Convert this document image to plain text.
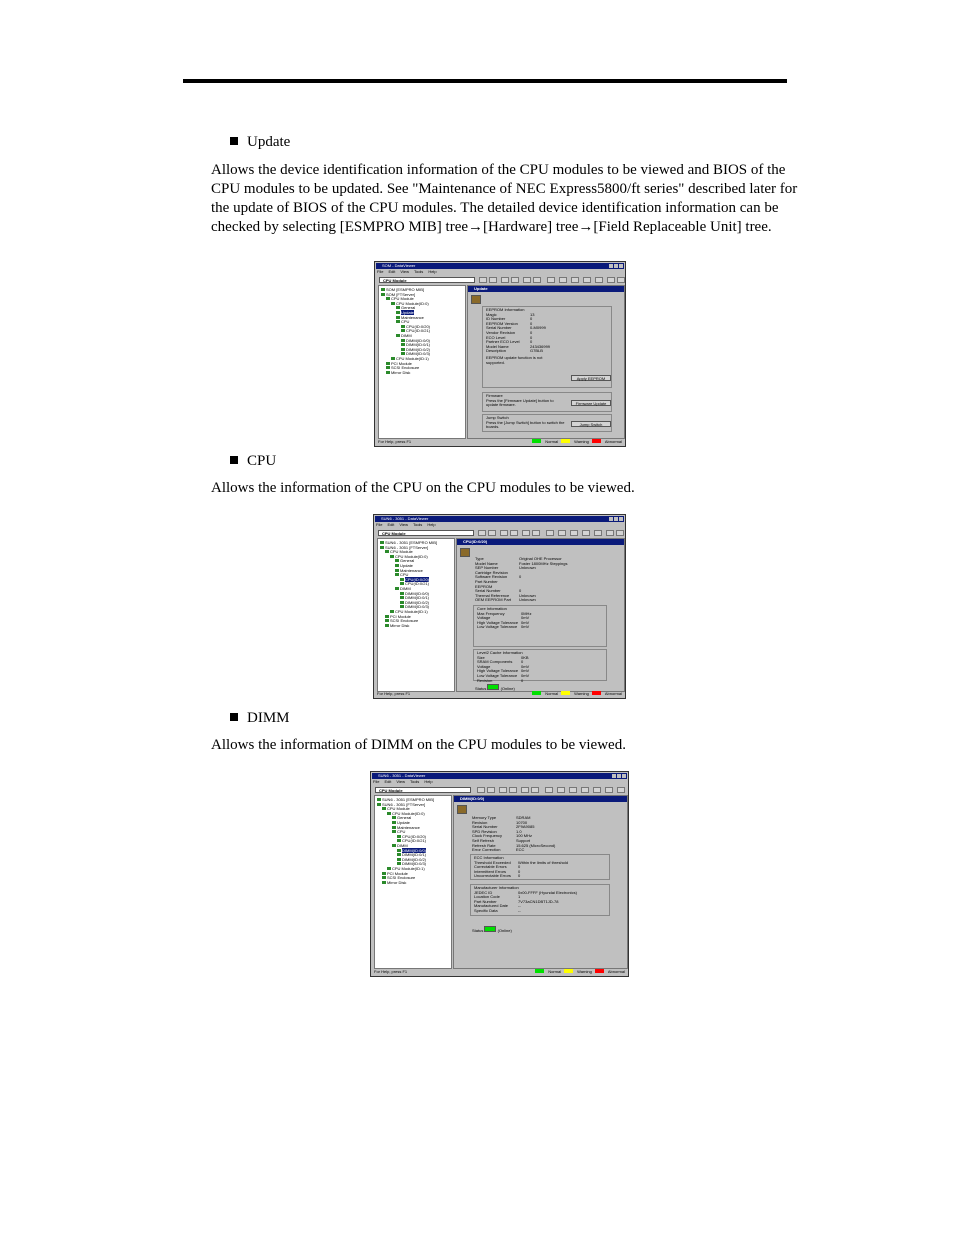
Update
Allows the device identification information of the CPU modules to be viewed and BIOS of the CPU modules to be updated. See "Maintenance of NEC Express5800/ft series" described later for the update of BIOS of the CPU modules. The detailed device identification information can be checked by selecting [ESMPRO MIB] tree→[Hardware] tree→[Field Replaceable Unit] tree.
SOM - DataViewer
File Edit View Tools Help
CPU Module
SOM [ESMPRO MIB]
SOM [FTServer]
CPU Module
CPU Module(ID:0)
General
Update
Maintenance
CPU
CPU(ID:0/20)
CPU(ID:0/21)
DIMM
DIMM(ID:0/0)
DIMM(ID:0/1)
DIMM(ID:0/2)
DIMM(ID:0/3)
CPU Module(ID:1)
PCI Module
SCSI Enclosure
Mirror Disk
Update
EEPROM Information
Magic	13
ID Number	0
EEPROM Version	0
Serial Number	0-M0999
Vendor Revision	0
ECO Level	0
Partner ECO Level	0
Model Name	243436999
Description	G7BLB
EEPROM update function is not supported.
Apply EEPROM
Firmware
Press the [Firmware Update] button to update firmware.	Firmware Update
Jump Switch
Press the [Jump Switch] button to switch the boards.	Jump Switch
For Help, press F1	Normal	Warning	Abnormal
CPU
Allows the information of the CPU on the CPU modules to be viewed.
SUN6 - 3051 - DataViewer
File Edit View Tools Help
CPU Module
SUN6 - 3051 [ESMPRO MIB]
SUN6 - 3051 [FTServer]
CPU Module
CPU Module(ID:0)
General
Update
Maintenance
CPU
CPU(ID:0/20)
CPU(ID:0/21)
DIMM
DIMM(ID:0/0)
DIMM(ID:0/1)
DIMM(ID:0/2)
DIMM(ID:0/3)
CPU Module(ID:1)
PCI Module
SCSI Enclosure
Mirror Disk
CPU(ID:0/20)
Type	Original OHE Processor
Model Name	Foster 1800MHz Steppings
SEP Number	Unknown
Cartridge Revision
Software Revision	0
Part Number
EEPROM
Serial Number	0
Thermal Reference Unknown
OEM EEPROM Part Unknown
Core Information
Max Frequency	0MHz
Voltage	0mV
High Voltage Tolerance 0mV
Low Voltage Tolerance 0mV
Level2 Cache Information
Size	0KB
SRAM Components 0
Voltage	0mV
High Voltage Tolerance 0mV
Low Voltage Tolerance 0mV
Revision	0
Status	(Online)
For Help, press F1	Normal	Warning	Abnormal
DIMM
Allows the information of DIMM on the CPU modules to be viewed.
SUN6 - 3051 - DataViewer
File Edit View Tools Help
CPU Module
SUN6 - 3051 [ESMPRO MIB]
SUN6 - 3051 [FTServer]
CPU Module
CPU Module(ID:0)
General
Update
Maintenance
CPU
CPU(ID:0/20)
CPU(ID:0/21)
DIMM
DIMM(ID:0/0)
DIMM(ID:0/1)
DIMM(ID:0/2)
DIMM(ID:0/3)
CPU Module(ID:1)
PCI Module
SCSI Enclosure
Mirror Disk
DIMM(ID:0/0)
Memory Type	SDRAM
Revision	10700
Serial Number	2F9A9085
SPD Revision	1.0
Clock Frequency	100 MHz
Self Refresh	Support
Refresh Rate	15.625 (MicroSecond)
Error Correction	ECC
ECC Information
Threshold Exceeded Within the limits of threshold
Correctable Errors	0
Intermittent Errors	0
Uncorrectable Errors 0
Manufacturer Information
JEDEC ID	0x00-FFFF (Hyundai Electronics)
Location Code	1
Part Number	7V73aCN1DBT1JD-78
Manufactured Date --
Specific Data	--
Status	(Online)
For Help, press F1	Normal	Warning	Abnormal
